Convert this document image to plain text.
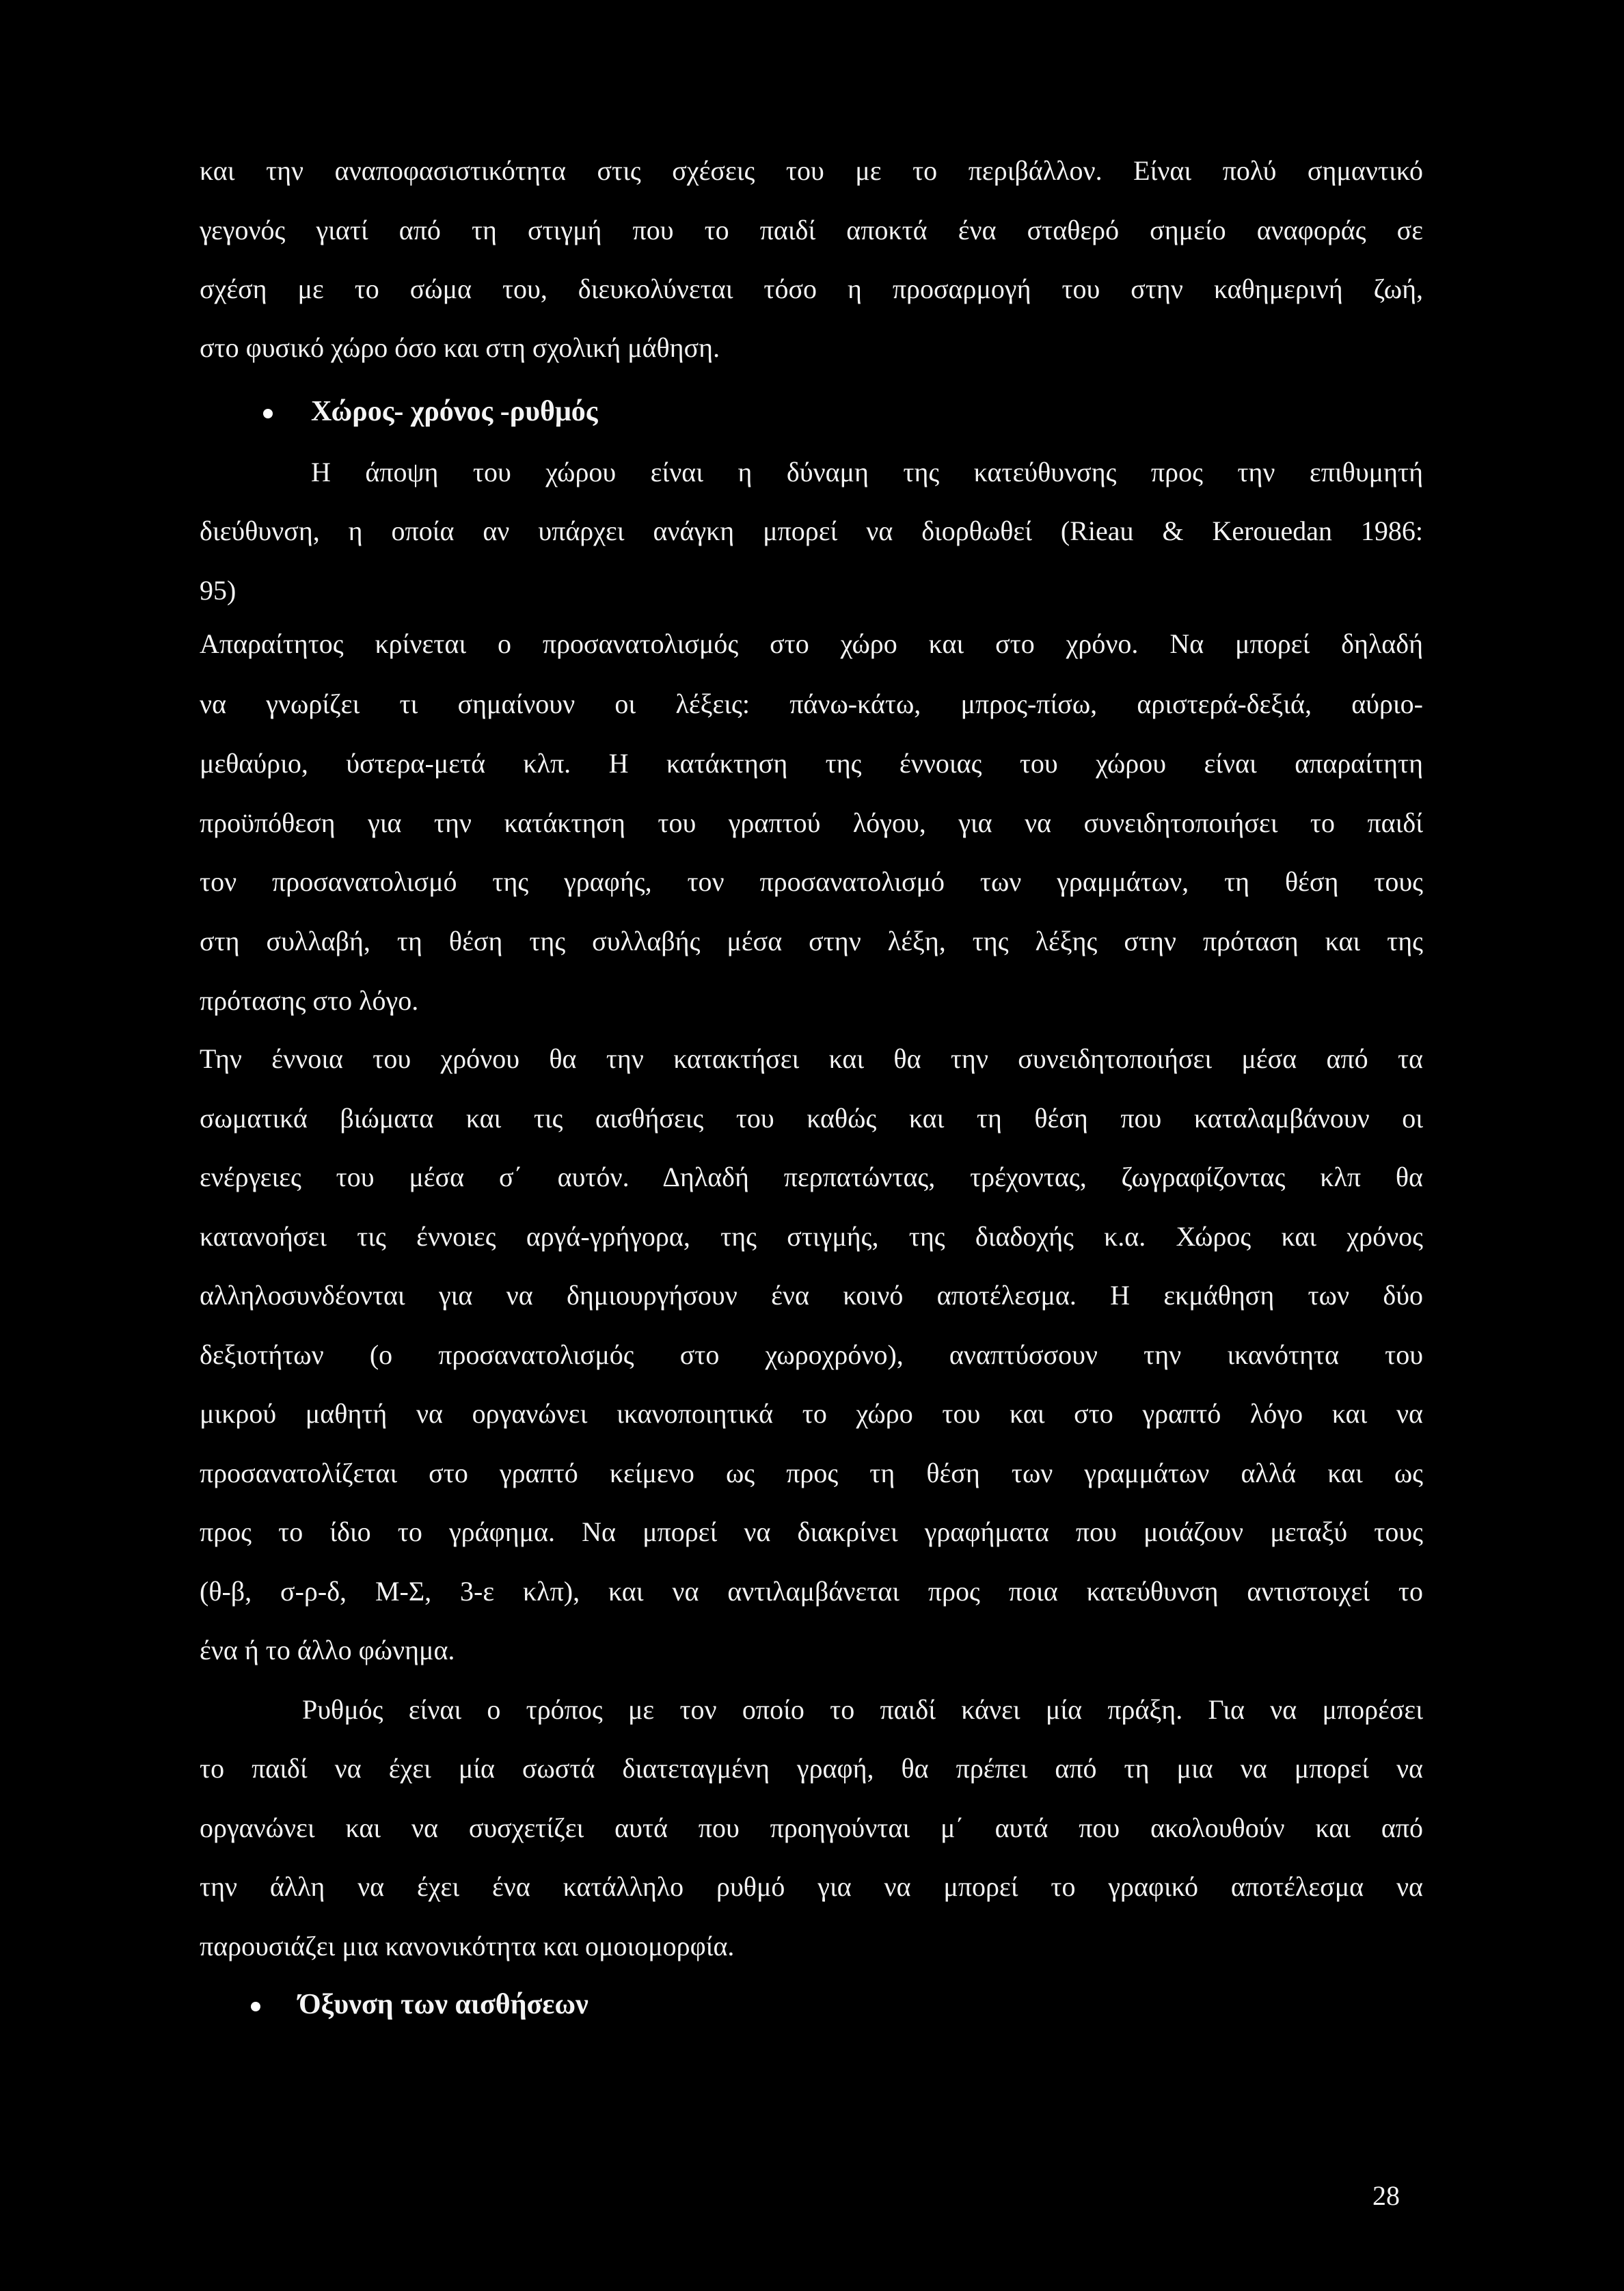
και την αναποφασιστικότητα στις σχέσεις του με το περιβάλλον. Είναι πολύ σημαντικό
γεγονός γιατί από τη στιγμή που το παιδί αποκτά ένα σταθερό σημείο αναφοράς σε
σχέση με το σώμα του, διευκολύνεται τόσο η προσαρμογή του στην καθημερινή ζωή,
στο φυσικό χώρο όσο και στη σχολική μάθηση.
Χώρος- χρόνος -ρυθμός
Η άποψη του χώρου είναι η δύναμη της κατεύθυνσης προς την επιθυμητή
διεύθυνση, η οποία αν υπάρχει ανάγκη μπορεί να διορθωθεί (Rieau & Kerouedan 1986:
95)
Απαραίτητος κρίνεται ο προσανατολισμός στο χώρο και στο χρόνο. Να μπορεί δηλαδή
να γνωρίζει τι σημαίνουν οι λέξεις: πάνω-κάτω, μπρος-πίσω, αριστερά-δεξιά, αύριο-
μεθαύριο, ύστερα-μετά κλπ. Η κατάκτηση της έννοιας του χώρου είναι απαραίτητη
προϋπόθεση για την κατάκτηση του γραπτού λόγου, για να συνειδητοποιήσει το παιδί
τον προσανατολισμό της γραφής, τον προσανατολισμό των γραμμάτων, τη θέση τους
στη συλλαβή, τη θέση της συλλαβής μέσα στην λέξη, της λέξης στην πρόταση και της
πρότασης στο λόγο.
Την έννοια του χρόνου θα την κατακτήσει και θα την συνειδητοποιήσει μέσα από τα
σωματικά βιώματα και τις αισθήσεις του καθώς και τη θέση που καταλαμβάνουν οι
ενέργειες του μέσα σ΄ αυτόν. Δηλαδή περπατώντας, τρέχοντας, ζωγραφίζοντας κλπ θα
κατανοήσει τις έννοιες αργά-γρήγορα, της στιγμής, της διαδοχής κ.α. Χώρος και χρόνος
αλληλοσυνδέονται για να δημιουργήσουν ένα κοινό αποτέλεσμα. Η εκμάθηση των δύο
δεξιοτήτων (ο προσανατολισμός στο χωροχρόνο), αναπτύσσουν την ικανότητα του
μικρού μαθητή να οργανώνει ικανοποιητικά το χώρο του και στο γραπτό λόγο και να
προσανατολίζεται στο γραπτό κείμενο ως προς τη θέση των γραμμάτων αλλά και ως
προς το ίδιο το γράφημα. Να μπορεί να διακρίνει γραφήματα που μοιάζουν μεταξύ τους
(θ-β, σ-ρ-δ, Μ-Σ, 3-ε κλπ), και να αντιλαμβάνεται προς ποια κατεύθυνση αντιστοιχεί το
ένα ή το άλλο φώνημα.
Ρυθμός είναι ο τρόπος με τον οποίο το παιδί κάνει μία πράξη. Για να μπορέσει
το παιδί να έχει μία σωστά διατεταγμένη γραφή, θα πρέπει από τη μια να μπορεί να
οργανώνει και να συσχετίζει αυτά που προηγούνται μ΄ αυτά που ακολουθούν και από
την άλλη να έχει ένα κατάλληλο ρυθμό για να μπορεί το γραφικό αποτέλεσμα να
παρουσιάζει μια κανονικότητα και ομοιομορφία.
Όξυνση των αισθήσεων
28
